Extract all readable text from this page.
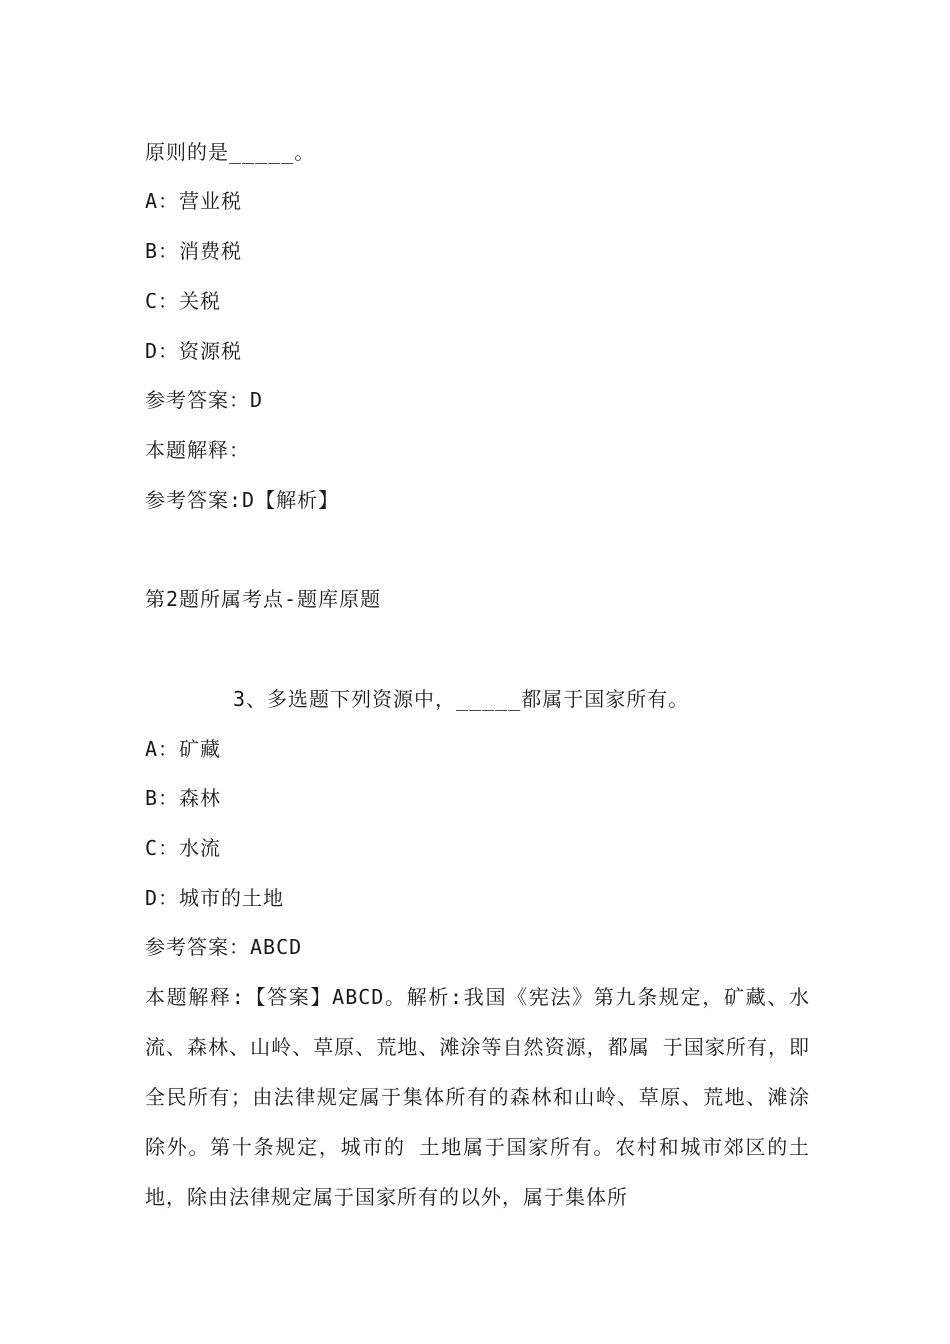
原则的是_____。
A：营业税
B：消费税
C：关税
D：资源税
参考答案：D
本题解释：
参考答案:D【解析】
第2题所属考点-题库原题
3、多选题下列资源中，_____都属于国家所有。
A：矿藏
B：森林
C：水流
D：城市的土地
参考答案：ABCD
本题解释:【答案】ABCD。解析:我国《宪法》第九条规定，矿藏、水流、森林、山岭、草原、荒地、滩涂等自然资源，都属 于国家所有，即全民所有；由法律规定属于集体所有的森林和山岭、草原、荒地、滩涂除外。第十条规定，城市的 土地属于国家所有。农村和城市郊区的土地，除由法律规定属于国家所有的以外，属于集体所
